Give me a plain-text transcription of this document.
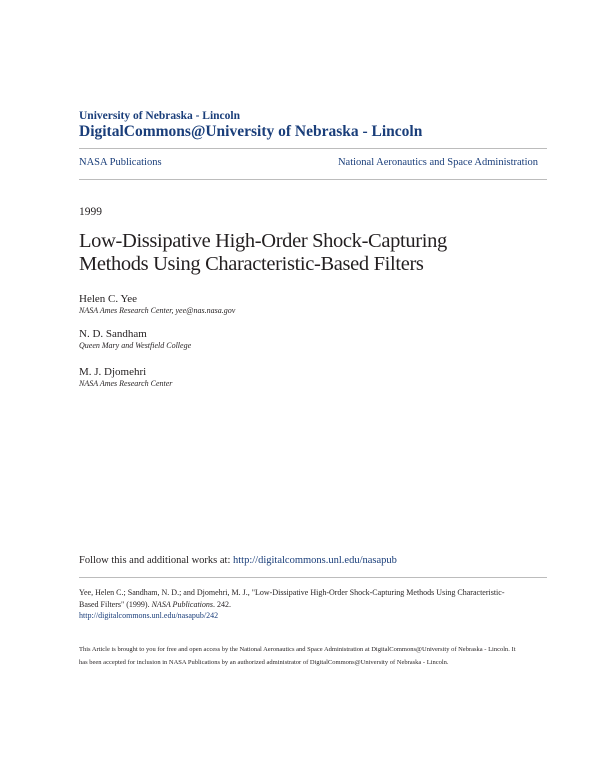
University of Nebraska - Lincoln
DigitalCommons@University of Nebraska - Lincoln
NASA Publications	National Aeronautics and Space Administration
1999
Low-Dissipative High-Order Shock-Capturing
Methods Using Characteristic-Based Filters
Helen C. Yee
NASA Ames Research Center, yee@nas.nasa.gov
N. D. Sandham
Queen Mary and Westfield College
M. J. Djomehri
NASA Ames Research Center
Follow this and additional works at: http://digitalcommons.unl.edu/nasapub
Yee, Helen C.; Sandham, N. D.; and Djomehri, M. J., "Low-Dissipative High-Order Shock-Capturing Methods Using Characteristic-Based Filters" (1999). NASA Publications. 242.
http://digitalcommons.unl.edu/nasapub/242
This Article is brought to you for free and open access by the National Aeronautics and Space Administration at DigitalCommons@University of Nebraska - Lincoln. It has been accepted for inclusion in NASA Publications by an authorized administrator of DigitalCommons@University of Nebraska - Lincoln.
